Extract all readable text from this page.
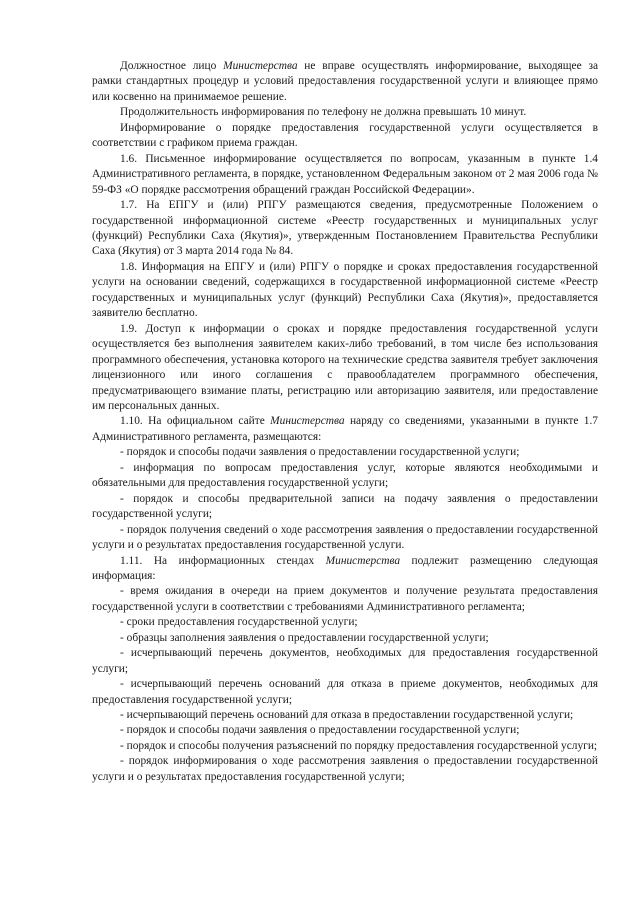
Должностное лицо Министерства не вправе осуществлять информирование, выходящее за рамки стандартных процедур и условий предоставления государственной услуги и влияющее прямо или косвенно на принимаемое решение.

Продолжительность информирования по телефону не должна превышать 10 минут.

Информирование о порядке предоставления государственной услуги осуществляется в соответствии с графиком приема граждан.

1.6. Письменное информирование осуществляется по вопросам, указанным в пункте 1.4 Административного регламента, в порядке, установленном Федеральным законом от 2 мая 2006 года № 59-ФЗ «О порядке рассмотрения обращений граждан Российской Федерации».

1.7. На ЕПГУ и (или) РПГУ размещаются сведения, предусмотренные Положением о государственной информационной системе «Реестр государственных и муниципальных услуг (функций) Республики Саха (Якутия)», утвержденным Постановлением Правительства Республики Саха (Якутия) от 3 марта 2014 года № 84.

1.8. Информация на ЕПГУ и (или) РПГУ о порядке и сроках предоставления государственной услуги на основании сведений, содержащихся в государственной информационной системе «Реестр государственных и муниципальных услуг (функций) Республики Саха (Якутия)», предоставляется заявителю бесплатно.

1.9. Доступ к информации о сроках и порядке предоставления государственной услуги осуществляется без выполнения заявителем каких-либо требований, в том числе без использования программного обеспечения, установка которого на технические средства заявителя требует заключения лицензионного или иного соглашения с правообладателем программного обеспечения, предусматривающего взимание платы, регистрацию или авторизацию заявителя, или предоставление им персональных данных.

1.10. На официальном сайте Министерства наряду со сведениями, указанными в пункте 1.7 Административного регламента, размещаются:

- порядок и способы подачи заявления о предоставлении государственной услуги;

- информация по вопросам предоставления услуг, которые являются необходимыми и обязательными для предоставления государственной услуги;

- порядок и способы предварительной записи на подачу заявления о предоставлении государственной услуги;

- порядок получения сведений о ходе рассмотрения заявления о предоставлении государственной услуги и о результатах предоставления государственной услуги.

1.11. На информационных стендах Министерства подлежит размещению следующая информация:

- время ожидания в очереди на прием документов и получение результата предоставления государственной услуги в соответствии с требованиями Административного регламента;

- сроки предоставления государственной услуги;

- образцы заполнения заявления о предоставлении государственной услуги;

- исчерпывающий перечень документов, необходимых для предоставления государственной услуги;

- исчерпывающий перечень оснований для отказа в приеме документов, необходимых для предоставления государственной услуги;

- исчерпывающий перечень оснований для отказа в предоставлении государственной услуги;

- порядок и способы подачи заявления о предоставлении государственной услуги;

- порядок и способы получения разъяснений по порядку предоставления государственной услуги;

- порядок информирования о ходе рассмотрения заявления о предоставлении государственной услуги и о результатах предоставления государственной услуги;
